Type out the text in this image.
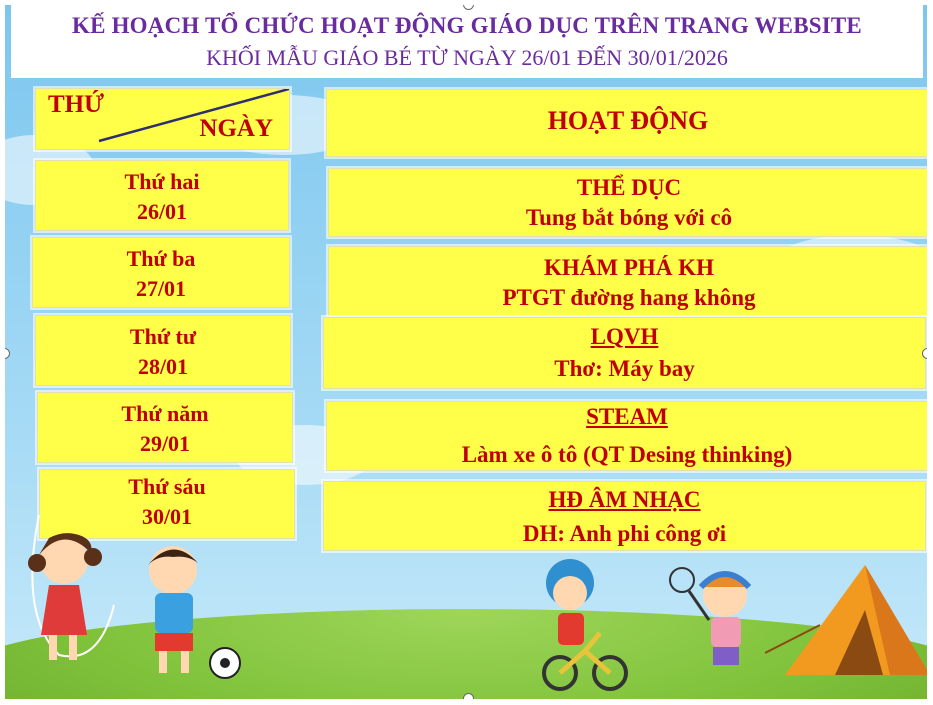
KẾ HOẠCH TỔ CHỨC HOẠT ĐỘNG GIÁO DỤC TRÊN TRANG WEBSITE
KHỐI MẪU GIÁO BÉ TỪ NGÀY 26/01 ĐẾN 30/01/2026
THỨ
NGÀY	HOẠT ĐỘNG
Thứ hai
26/01
Thứ ba
27/01
Thứ tư
28/01
Thứ năm
29/01
Thứ sáu
30/01
THỂ DỤC
Tung bắt bóng với cô
KHÁM PHÁ KH
PTGT đường hang không
LQVH
Thơ: Máy bay
STEAM
Làm xe ô tô (QT Desing thinking)
HĐ ÂM NHẠC
DH: Anh phi công ơi
